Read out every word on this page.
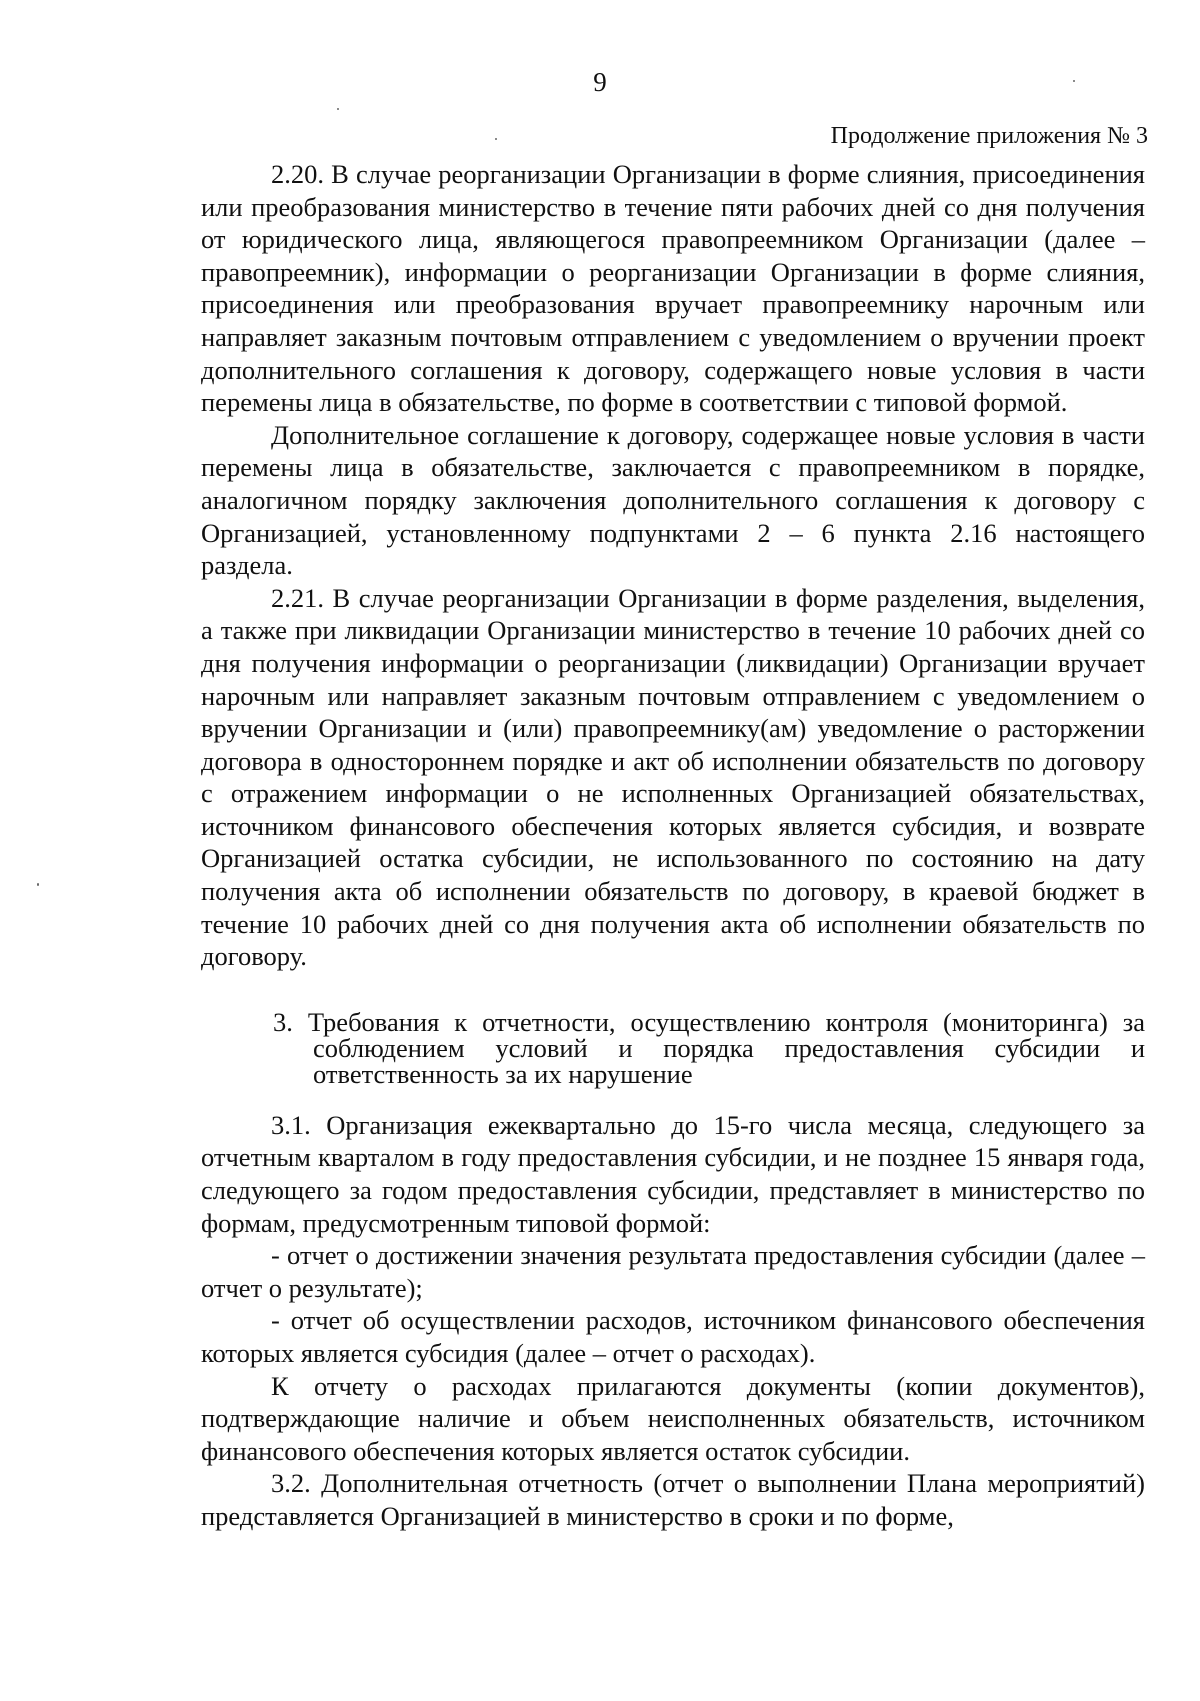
9
Продолжение приложения № 3

2.20. В случае реорганизации Организации в форме слияния, присоединения или преобразования министерство в течение пяти рабочих дней со дня получения от юридического лица, являющегося правопреемником Организации (далее – правопреемник), информации о реорганизации Организации в форме слияния, присоединения или преобразования вручает правопреемнику нарочным или направляет заказным почтовым отправлением с уведомлением о вручении проект дополнительного соглашения к договору, содержащего новые условия в части перемены лица в обязательстве, по форме в соответствии с типовой формой.

Дополнительное соглашение к договору, содержащее новые условия в части перемены лица в обязательстве, заключается с правопреемником в порядке, аналогичном порядку заключения дополнительного соглашения к договору с Организацией, установленному подпунктами 2 – 6 пункта 2.16 настоящего раздела.

2.21. В случае реорганизации Организации в форме разделения, выделения, а также при ликвидации Организации министерство в течение 10 рабочих дней со дня получения информации о реорганизации (ликвидации) Организации вручает нарочным или направляет заказным почтовым отправлением с уведомлением о вручении Организации и (или) правопреемнику(ам) уведомление о расторжении договора в одностороннем порядке и акт об исполнении обязательств по договору с отражением информации о не исполненных Организацией обязательствах, источником финансового обеспечения которых является субсидия, и возврате Организацией остатка субсидии, не использованного по состоянию на дату получения акта об исполнении обязательств по договору, в краевой бюджет в течение 10 рабочих дней со дня получения акта об исполнении обязательств по договору.

3. Требования к отчетности, осуществлению контроля (мониторинга) за соблюдением условий и порядка предоставления субсидии и ответственность за их нарушение

3.1. Организация ежеквартально до 15-го числа месяца, следующего за отчетным кварталом в году предоставления субсидии, и не позднее 15 января года, следующего за годом предоставления субсидии, представляет в министерство по формам, предусмотренным типовой формой:

- отчет о достижении значения результата предоставления субсидии (далее – отчет о результате);

- отчет об осуществлении расходов, источником финансового обеспечения которых является субсидия (далее – отчет о расходах).

К отчету о расходах прилагаются документы (копии документов), подтверждающие наличие и объем неисполненных обязательств, источником финансового обеспечения которых является остаток субсидии.

3.2. Дополнительная отчетность (отчет о выполнении Плана мероприятий) представляется Организацией в министерство в сроки и по форме,
